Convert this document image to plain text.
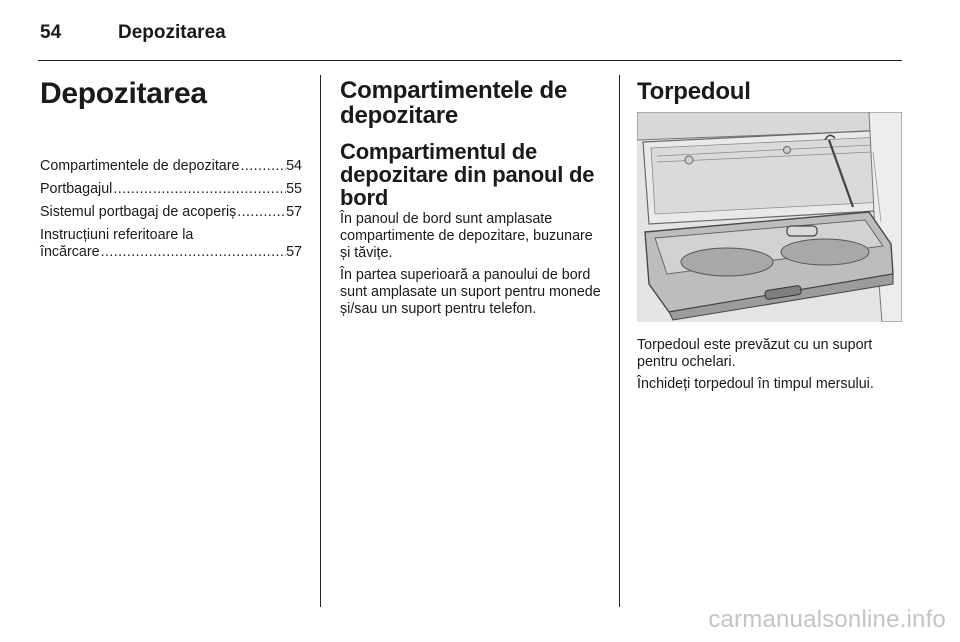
54	Depozitarea
Depozitarea
Compartimentele de depozitare .....	54
Portbagajul .....	55
Sistemul portbagaj de acoperiș .....	57
Instrucțiuni referitoare la
încărcare .....	57
Compartimentele de depozitare
Compartimentul de depozitare din panoul de bord

În panoul de bord sunt amplasate compartimente de depozitare, buzunare și tăvițe.

În partea superioară a panoului de bord sunt amplasate un suport pentru monede și/sau un suport pentru telefon.

Torpedoul

Torpedoul este prevăzut cu un suport pentru ochelari.

Închideți torpedoul în timpul mersului.

carmanualsonline.info
